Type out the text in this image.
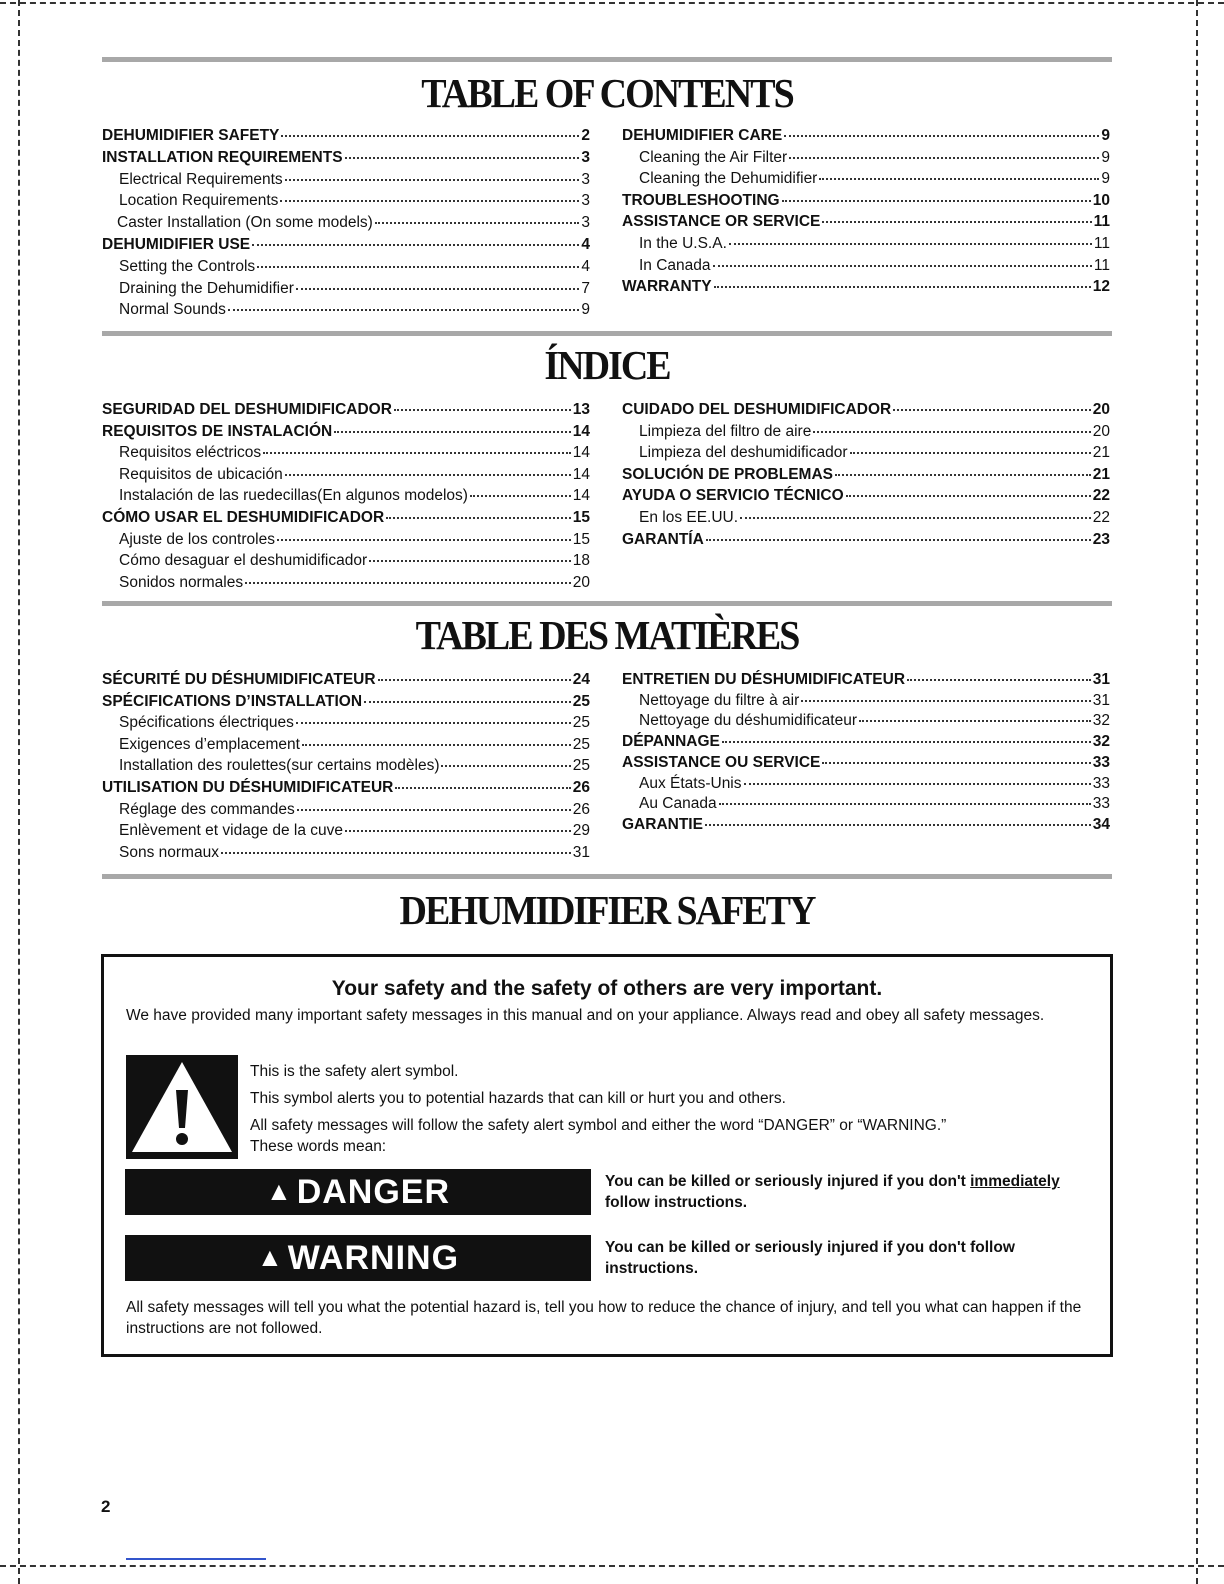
TABLE OF CONTENTS
DEHUMIDIFIER SAFETY	2
INSTALLATION REQUIREMENTS	3
Electrical Requirements	3
Location Requirements	3
Caster Installation (On some models)	3
DEHUMIDIFIER USE	4
Setting the Controls	4
Draining the Dehumidifier	7
Normal Sounds	9
DEHUMIDIFIER CARE	9
Cleaning the Air Filter	9
Cleaning the Dehumidifier	9
TROUBLESHOOTING	10
ASSISTANCE OR SERVICE	11
In the U.S.A.	11
In Canada	11
WARRANTY	12
ÍNDICE
SEGURIDAD DEL DESHUMIDIFICADOR	13
REQUISITOS DE INSTALACIÓN	14
Requisitos eléctricos	14
Requisitos de ubicación	14
Instalación de las ruedecillas(En algunos modelos)	14
CÓMO USAR EL DESHUMIDIFICADOR	15
Ajuste de los controles	15
Cómo desaguar el deshumidificador	18
Sonidos normales	20
CUIDADO DEL DESHUMIDIFICADOR	20
Limpieza del filtro de aire	20
Limpieza del deshumidificador	21
SOLUCIÓN DE PROBLEMAS	21
AYUDA O SERVICIO TÉCNICO	22
En los EE.UU.	22
GARANTÍA	23
TABLE DES MATIÈRES
SÉCURITÉ DU DÉSHUMIDIFICATEUR	24
SPÉCIFICATIONS D’INSTALLATION	25
Spécifications électriques	25
Exigences d’emplacement	25
Installation des roulettes(sur certains modèles)	25
UTILISATION DU DÉSHUMIDIFICATEUR	26
Réglage des commandes	26
Enlèvement et vidage de la cuve	29
Sons normaux	31
ENTRETIEN DU DÉSHUMIDIFICATEUR	31
Nettoyage du filtre à air	31
Nettoyage du déshumidificateur	32
DÉPANNAGE	32
ASSISTANCE OU SERVICE	33
Aux États-Unis	33
Au Canada	33
GARANTIE	34
DEHUMIDIFIER SAFETY
Your safety and the safety of others are very important.
We have provided many important safety messages in this manual and on your appliance. Always read and obey all safety messages.
This is the safety alert symbol.
This symbol alerts you to potential hazards that can kill or hurt you and others.
All safety messages will follow the safety alert symbol and either the word “DANGER” or “WARNING.”
These words mean:
▲ DANGER	You can be killed or seriously injured if you don't immediately
follow instructions.
▲ WARNING	You can be killed or seriously injured if you don't follow instructions.
All safety messages will tell you what the potential hazard is, tell you how to reduce the chance of injury, and tell you what can happen if the instructions are not followed.
2
